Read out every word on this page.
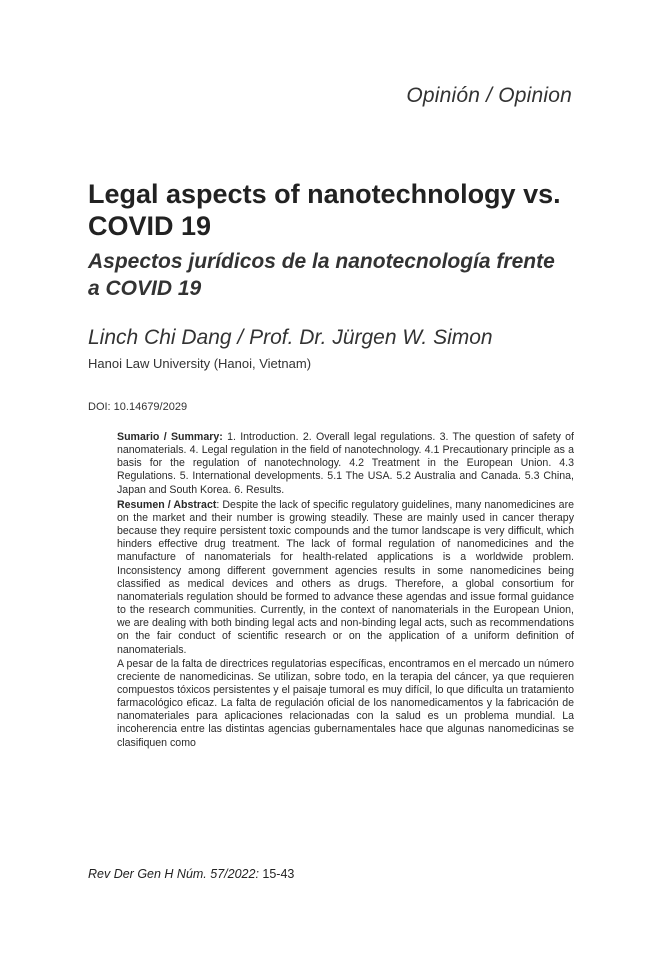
Opinión / Opinion
Legal aspects of nanotechnology vs. COVID 19
Aspectos jurídicos de la nanotecnología frente a COVID 19
Linch Chi Dang / Prof. Dr. Jürgen W. Simon
Hanoi Law University (Hanoi, Vietnam)
DOI: 10.14679/2029

Sumario / Summary: 1. Introduction. 2. Overall legal regulations. 3. The question of safety of nanomaterials. 4. Legal regulation in the field of nanotechnology. 4.1 Precautionary principle as a basis for the regulation of nanotechnology. 4.2 Treatment in the European Union. 4.3 Regulations. 5. International developments. 5.1 The USA. 5.2 Australia and Canada. 5.3 China, Japan and South Korea. 6. Results.

Resumen / Abstract: Despite the lack of specific regulatory guidelines, many nanomedicines are on the market and their number is growing steadily. These are mainly used in cancer therapy because they require persistent toxic compounds and the tumor landscape is very difficult, which hinders effective drug treatment. The lack of formal regulation of nanomedicines and the manufacture of nanomaterials for health-related applications is a worldwide problem. Inconsistency among different government agencies results in some nanomedicines being classified as medical devices and others as drugs. Therefore, a global consortium for nanomaterials regulation should be formed to advance these agendas and issue formal guidance to the research communities. Currently, in the context of nanomaterials in the European Union, we are dealing with both binding legal acts and non-binding legal acts, such as recommendations on the fair conduct of scientific research or on the application of a uniform definition of nanomaterials.

A pesar de la falta de directrices regulatorias específicas, encontramos en el mercado un número creciente de nanomedicinas. Se utilizan, sobre todo, en la terapia del cáncer, ya que requieren compuestos tóxicos persistentes y el paisaje tumoral es muy difícil, lo que dificulta un tratamiento farmacológico eficaz. La falta de regulación oficial de los nanomedicamentos y la fabricación de nanomateriales para aplicaciones relacionadas con la salud es un problema mundial. La incoherencia entre las distintas agencias gubernamentales hace que algunas nanomedicinas se clasifiquen como

Rev Der Gen H Núm. 57/2022: 15-43
